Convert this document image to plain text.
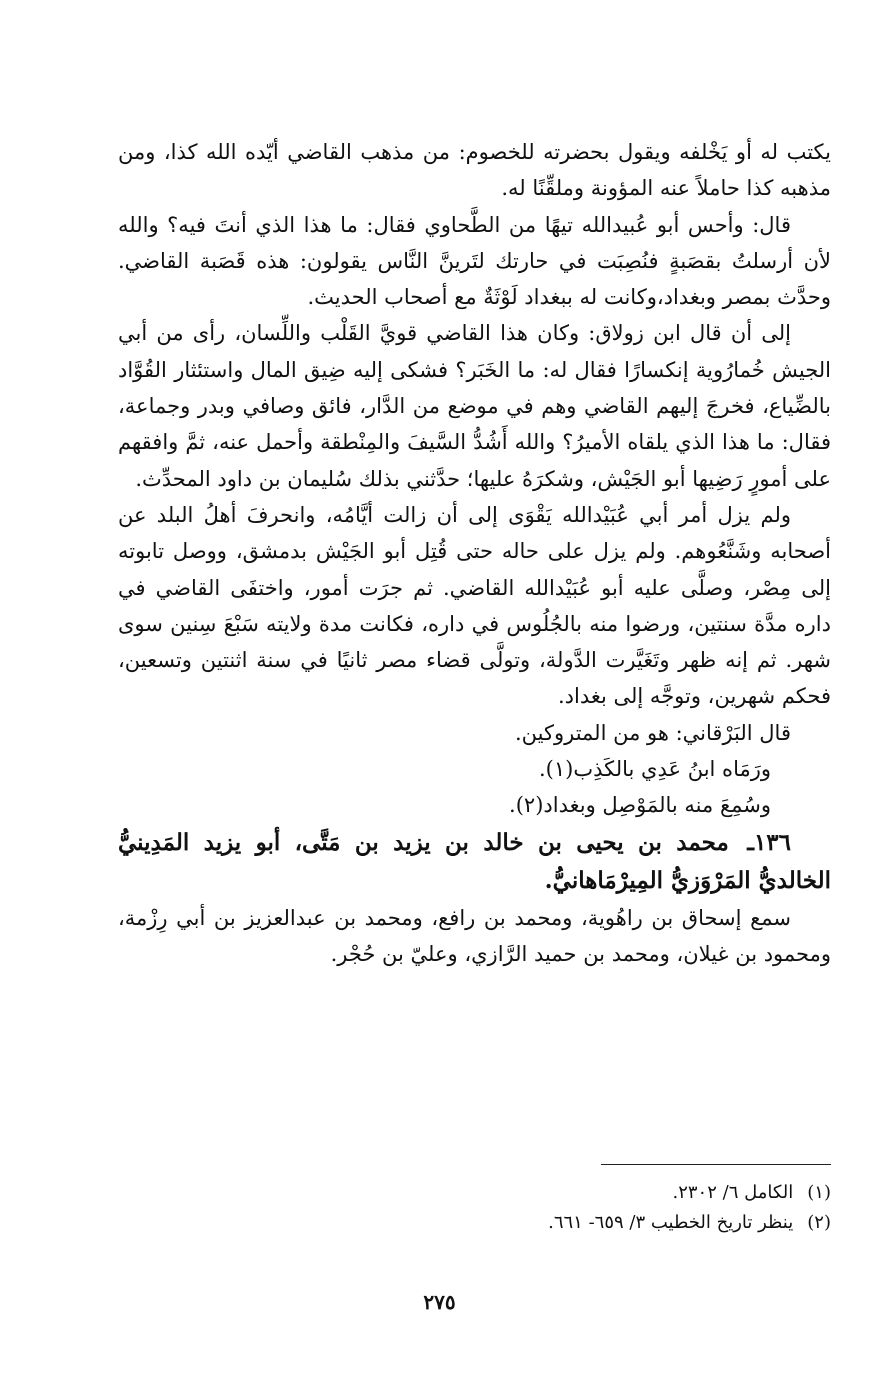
يكتب له أو يَخْلفه ويقول بحضرته للخصوم: من مذهب القاضي أيّده الله كذا، ومن مذهبه كذا حاملاً عنه المؤونة وملقِّنًا له.

قال: وأحس أبو عُبيدالله تيهًا من الطَّحاوي فقال: ما هذا الذي أنتَ فيه؟ والله لأن أرسلتُ بقصَبةٍ فنُصِبَت في حارتك لتَرينَّ النَّاس يقولون: هذه قَصَبة القاضي. وحدَّث بمصر وبغداد،وكانت له ببغداد لَوْثَةٌ مع أصحاب الحديث.

إلى أن قال ابن زولاق: وكان هذا القاضي قويَّ القَلْب واللِّسان، رأى من أبي الجيش خُمارُوية إنكسارًا فقال له: ما الخَبَر؟ فشكى إليه ضِيق المال واستئثار القُوَّاد بالضِّياع، فخرجَ إليهم القاضي وهم في موضع من الدَّار، فائق وصافي وبدر وجماعة، فقال: ما هذا الذي يلقاه الأميرُ؟ والله أَشُدُّ السَّيفَ والمِنْطقة وأحمل عنه، ثمَّ وافقهم على أمورٍ رَضِيها أبو الجَيْش، وشكرَهُ عليها؛ حدَّثني بذلك سُليمان بن داود المحدِّث.

ولم يزل أمر أبي عُبَيْدالله يَقْوَى إلى أن زالت أيَّامُه، وانحرفَ أهلُ البلد عن أصحابه وشَنَّعُوهم. ولم يزل على حاله حتى قُتِل أبو الجَيْش بدمشق، ووصل تابوته إلى مِصْر، وصلَّى عليه أبو عُبَيْدالله القاضي. ثم جرَت أمور، واختفَى القاضي في داره مدَّة سنتين، ورضوا منه بالجُلُوس في داره، فكانت مدة ولايته سَبْعَ سِنين سوى شهر. ثم إنه ظهر وتَغَيَّرت الدَّولة، وتولَّى قضاء مصر ثانيًا في سنة اثنتين وتسعين، فحكم شهرين، وتوجَّه إلى بغداد.

قال البَرْقاني: هو من المتروكين.

ورَمَاه ابنُ عَدِي بالكَذِب(١).

وسُمِعَ منه بالمَوْصِل وبغداد(٢).

١٣٦ـ محمد بن يحيى بن خالد بن يزيد بن مَتَّى، أبو يزيد المَدِينيُّ الخالديُّ المَرْوَزيُّ المِيرْمَاهانيُّ.

سمع إسحاق بن راهُوية، ومحمد بن رافع، ومحمد بن عبدالعزيز بن أبي رِزْمة، ومحمود بن غيلان، ومحمد بن حميد الرَّازي، وعليّ بن حُجْر.

(١) الكامل ٦/ ٢٣٠٢.

(٢) ينظر تاريخ الخطيب ٣/ ٦٥٩- ٦٦١.

٢٧٥
